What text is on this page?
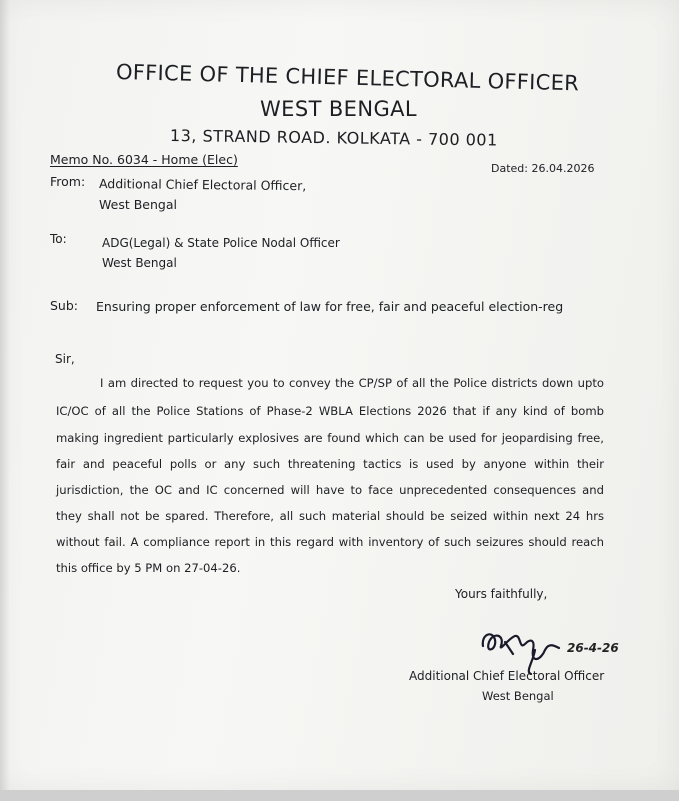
OFFICE OF THE CHIEF ELECTORAL OFFICER
WEST BENGAL
13, STRAND ROAD. KOLKATA - 700 001
Memo No. 6034 - Home (Elec)
Dated: 26.04.2026
From: Additional Chief Electoral Officer,
West Bengal
To:	ADG(Legal) & State Police Nodal Officer
West Bengal
Sub: Ensuring proper enforcement of law for free, fair and peaceful election-reg
Sir,
I am directed to request you to convey the CP/SP of all the Police districts down upto
IC/OC of all the Police Stations of Phase-2 WBLA Elections 2026 that if any kind of bomb
making ingredient particularly explosives are found which can be used for jeopardising free,
fair and peaceful polls or any such threatening tactics is used by anyone within their
jurisdiction, the OC and IC concerned will have to face unprecedented consequences and
they shall not be spared. Therefore, all such material should be seized within next 24 hrs
without fail. A compliance report in this regard with inventory of such seizures should reach
this office by 5 PM on 27-04-26.
Yours faithfully,
26-4-26
Additional Chief Electoral Officer
West Bengal
